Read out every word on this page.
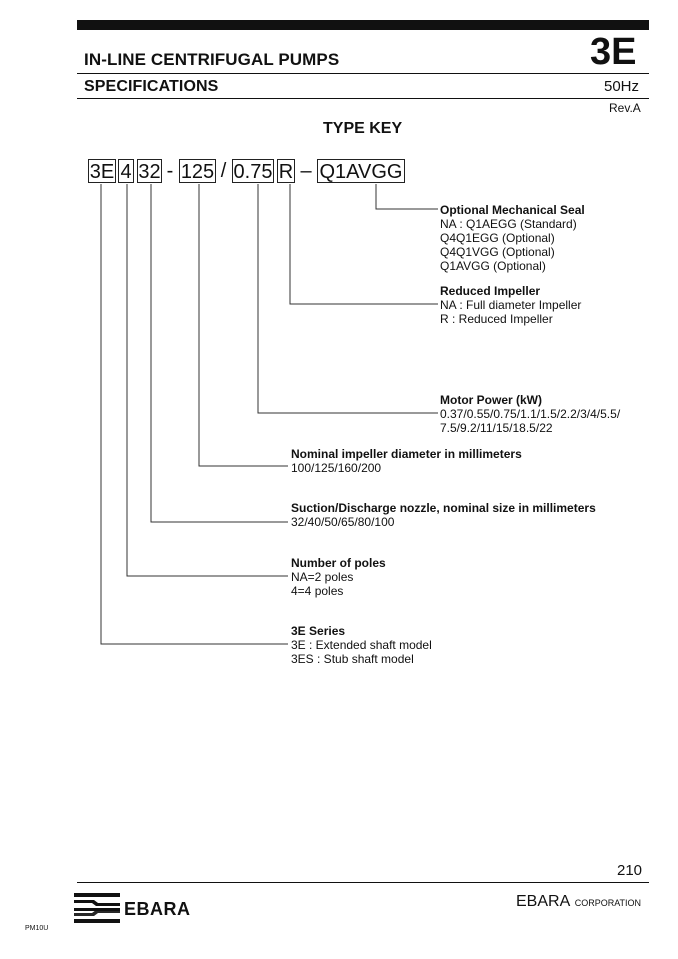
IN-LINE CENTRIFUGAL PUMPS	3E
SPECIFICATIONS	50Hz
Rev.A
TYPE KEY
3E 4 32 - 125 / 0.75 R – Q1AVGG
Optional Mechanical Seal
NA : Q1AEGG (Standard)
Q4Q1EGG (Optional)
Q4Q1VGG (Optional)
Q1AVGG (Optional)
Reduced Impeller
NA : Full diameter Impeller
R : Reduced Impeller
Motor Power (kW)
0.37/0.55/0.75/1.1/1.5/2.2/3/4/5.5/
7.5/9.2/11/15/18.5/22
Nominal impeller diameter in millimeters
100/125/160/200
Suction/Discharge nozzle, nominal size in millimeters
32/40/50/65/80/100
Number of poles
NA=2 poles
4=4 poles
3E Series
3E : Extended shaft model
3ES : Stub shaft model
210
EBARA	EBARA CORPORATION
PM10U
